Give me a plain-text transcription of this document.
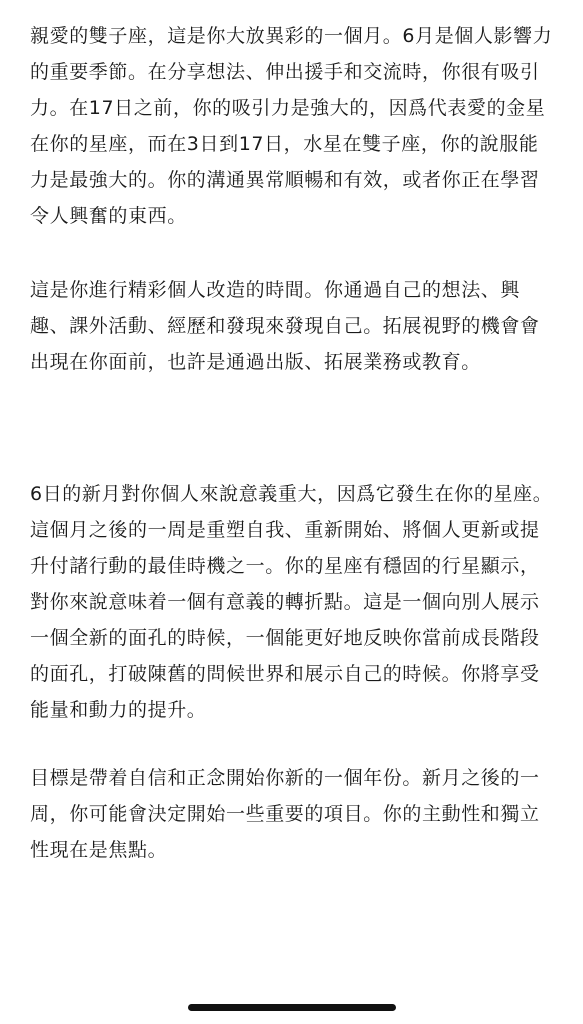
親愛的雙子座，這是你大放異彩的一個月。6月是個人影響力的重要季節。在分享想法、伸出援手和交流時，你很有吸引力。在17日之前，你的吸引力是強大的，因爲代表愛的金星在你的星座，而在3日到17日，水星在雙子座，你的說服能力是最強大的。你的溝通異常順暢和有效，或者你正在學習令人興奮的東西。

這是你進行精彩個人改造的時間。你通過自己的想法、興趣、課外活動、經歷和發現來發現自己。拓展視野的機會會出現在你面前，也許是通過出版、拓展業務或教育。

6日的新月對你個人來說意義重大，因爲它發生在你的星座。這個月之後的一周是重塑自我、重新開始、將個人更新或提升付諸行動的最佳時機之一。你的星座有穩固的行星顯示，對你來說意味着一個有意義的轉折點。這是一個向別人展示一個全新的面孔的時候，一個能更好地反映你當前成長階段的面孔，打破陳舊的問候世界和展示自己的時候。你將享受能量和動力的提升。

目標是帶着自信和正念開始你新的一個年份。新月之後的一周，你可能會決定開始一些重要的項目。你的主動性和獨立性現在是焦點。
